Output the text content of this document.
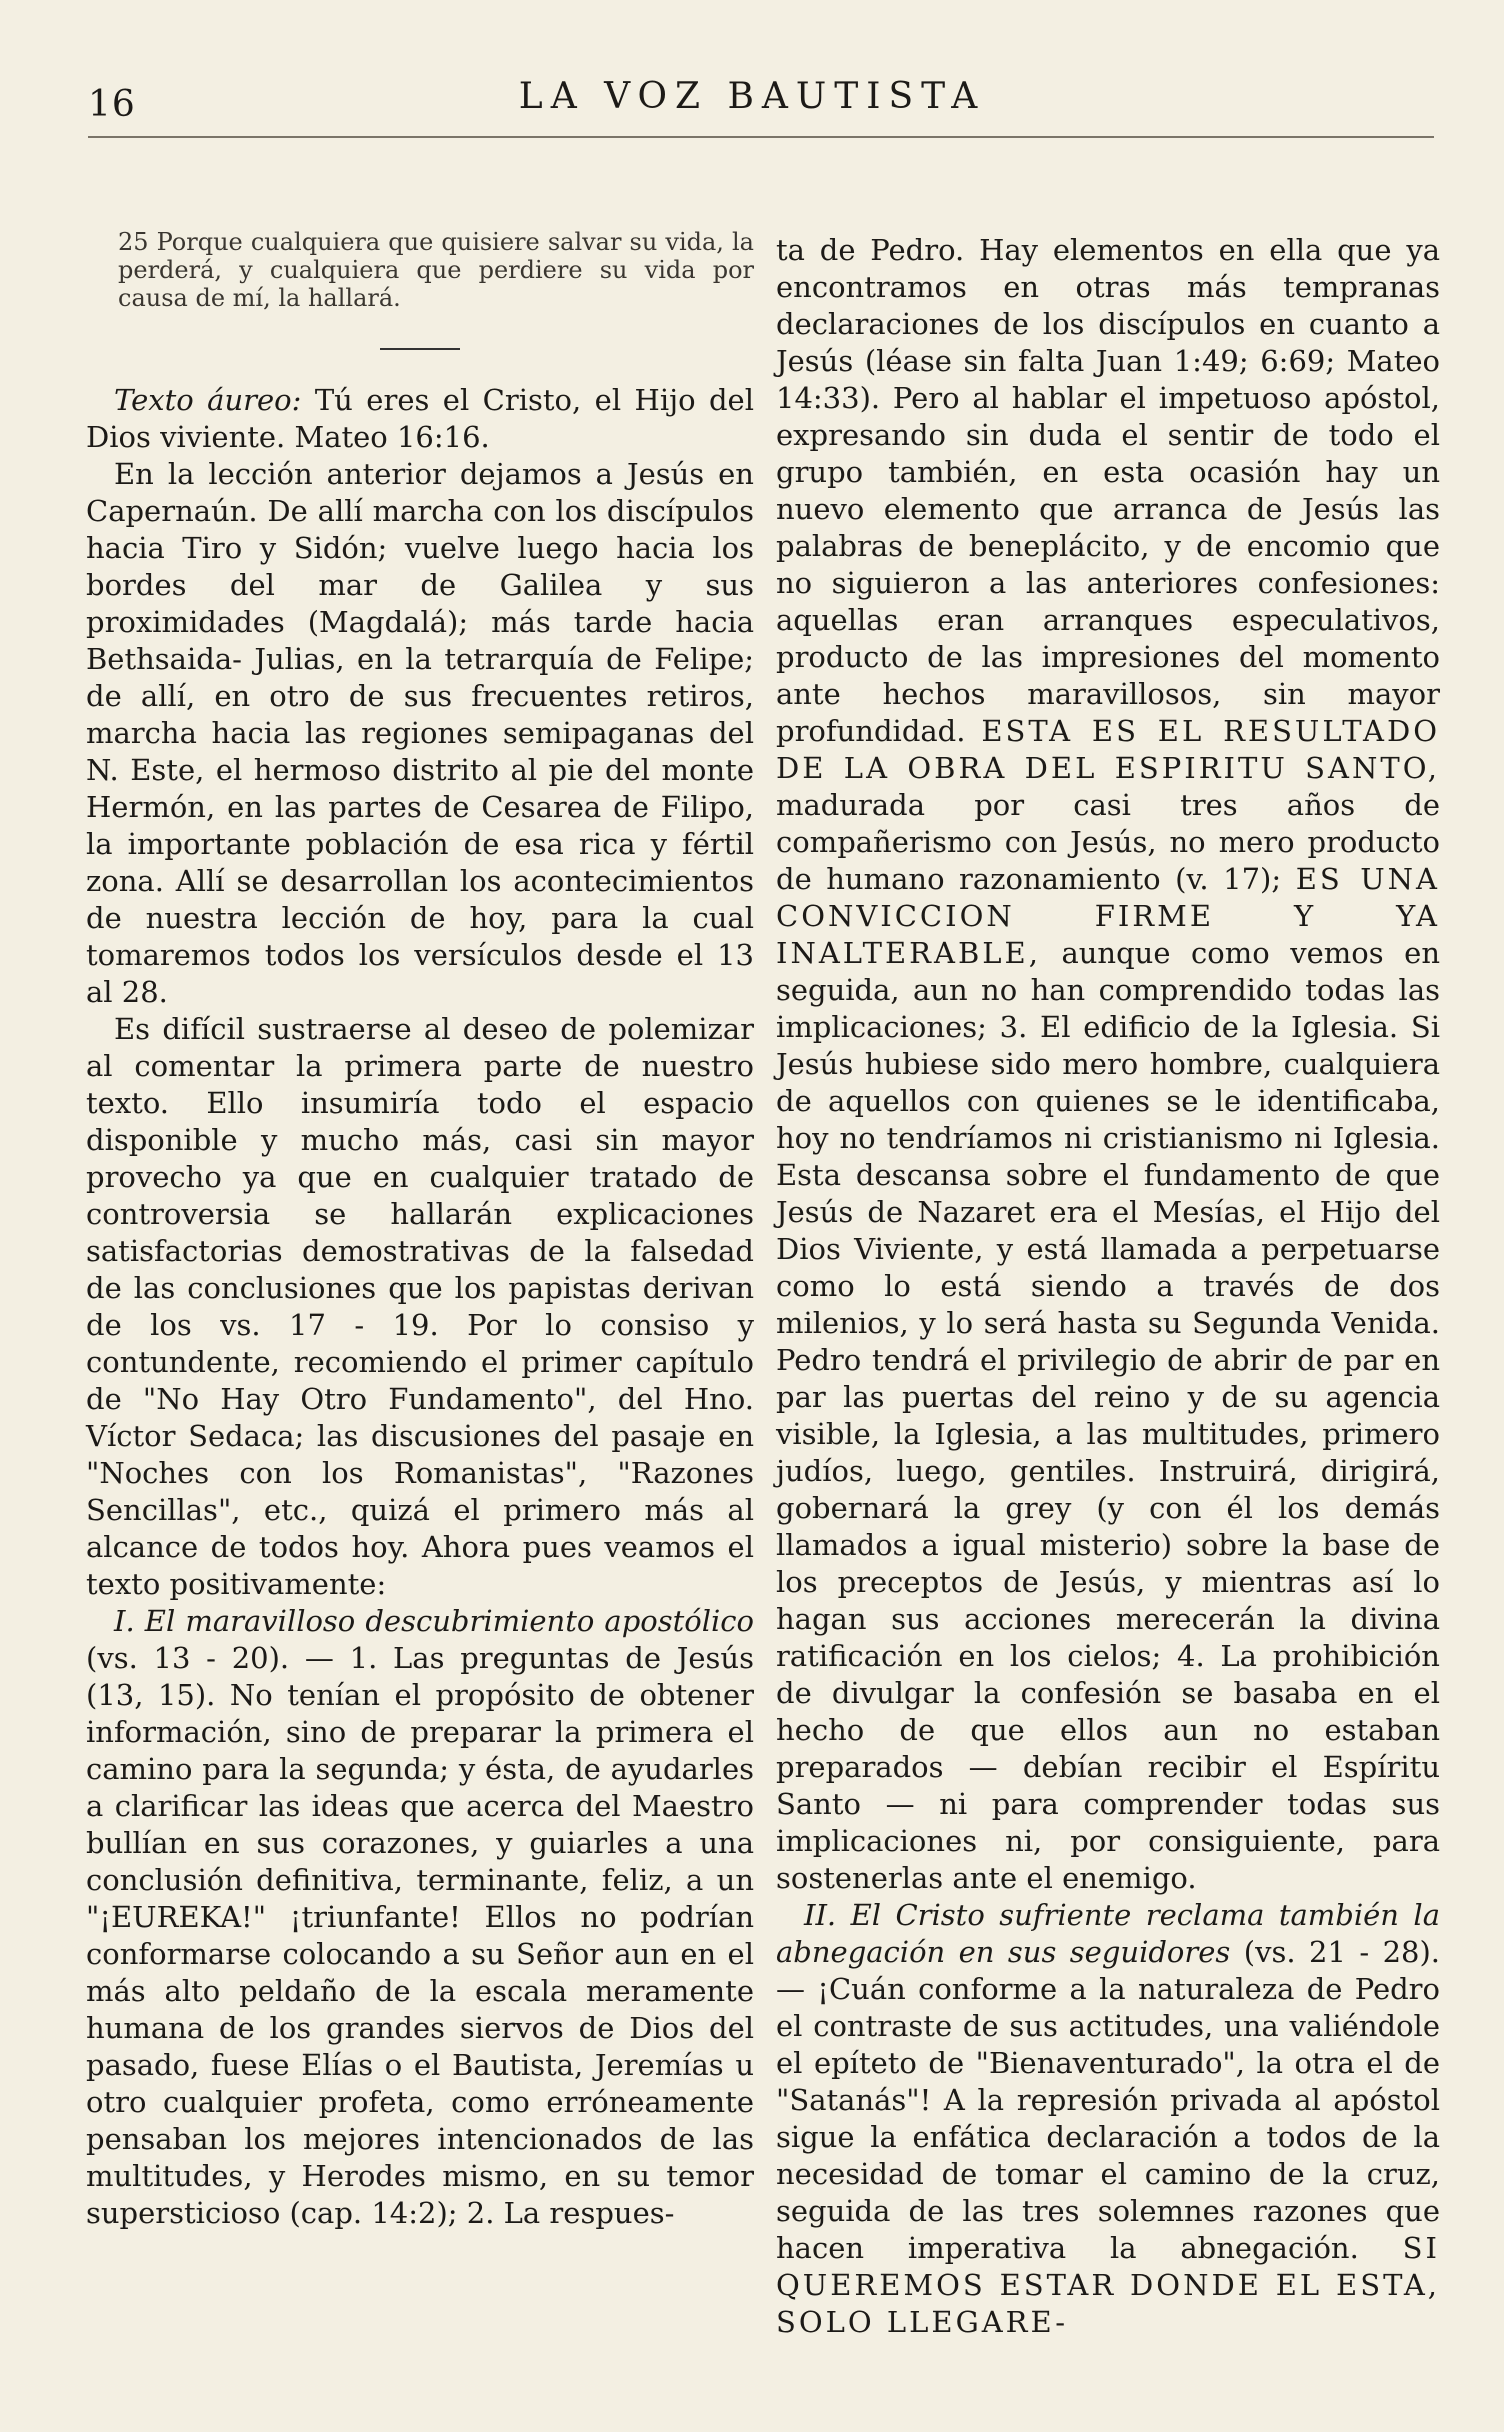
16	LA VOZ BAUTISTA

25 Porque cualquiera que quisiere salvar su vida, la perderá, y cualquiera que perdiere su vida por causa de mí, la hallará.

Texto áureo: Tú eres el Cristo, el Hijo del Dios viviente. Mateo 16:16.

En la lección anterior dejamos a Jesús en Capernaún. De allí marcha con los discípulos hacia Tiro y Sidón; vuelve luego hacia los bordes del mar de Galilea y sus proximidades (Magdalá); más tarde hacia Bethsaida- Julias, en la tetrarquía de Felipe; de allí, en otro de sus frecuentes retiros, marcha hacia las regiones semipaganas del N. Este, el hermoso distrito al pie del monte Hermón, en las partes de Cesarea de Filipo, la importante población de esa rica y fértil zona. Allí se desarrollan los acontecimientos de nuestra lección de hoy, para la cual tomaremos todos los versículos desde el 13 al 28.

Es difícil sustraerse al deseo de polemizar al comentar la primera parte de nuestro texto. Ello insumiría todo el espacio disponible y mucho más, casi sin mayor provecho ya que en cualquier tratado de controversia se hallarán explicaciones satisfactorias demostrativas de la falsedad de las conclusiones que los papistas derivan de los vs. 17 - 19. Por lo consiso y contundente, recomiendo el primer capítulo de "No Hay Otro Fundamento", del Hno. Víctor Sedaca; las discusiones del pasaje en "Noches con los Romanistas", "Razones Sencillas", etc., quizá el primero más al alcance de todos hoy. Ahora pues veamos el texto positivamente:

I. El maravilloso descubrimiento apostólico (vs. 13 - 20). — 1. Las preguntas de Jesús (13, 15). No tenían el propósito de obtener información, sino de preparar la primera el camino para la segunda; y ésta, de ayudarles a clarificar las ideas que acerca del Maestro bullían en sus corazones, y guiarles a una conclusión definitiva, terminante, feliz, a un "¡EUREKA!" ¡triunfante! Ellos no podrían conformarse colocando a su Señor aun en el más alto peldaño de la escala meramente humana de los grandes siervos de Dios del pasado, fuese Elías o el Bautista, Jeremías u otro cualquier profeta, como erróneamente pensaban los mejores intencionados de las multitudes, y Herodes mismo, en su temor supersticioso (cap. 14:2); 2. La respues-

ta de Pedro. Hay elementos en ella que ya encontramos en otras más tempranas declaraciones de los discípulos en cuanto a Jesús (léase sin falta Juan 1:49; 6:69; Mateo 14:33). Pero al hablar el impetuoso apóstol, expresando sin duda el sentir de todo el grupo también, en esta ocasión hay un nuevo elemento que arranca de Jesús las palabras de beneplácito, y de encomio que no siguieron a las anteriores confesiones: aquellas eran arranques especulativos, producto de las impresiones del momento ante hechos maravillosos, sin mayor profundidad. ESTA ES EL RESULTADO DE LA OBRA DEL ESPIRITU SANTO, madurada por casi tres años de compañerismo con Jesús, no mero producto de humano razonamiento (v. 17); ES UNA CONVICCION FIRME Y YA INALTERABLE, aunque como vemos en seguida, aun no han comprendido todas las implicaciones; 3. El edificio de la Iglesia. Si Jesús hubiese sido mero hombre, cualquiera de aquellos con quienes se le identificaba, hoy no tendríamos ni cristianismo ni Iglesia. Esta descansa sobre el fundamento de que Jesús de Nazaret era el Mesías, el Hijo del Dios Viviente, y está llamada a perpetuarse como lo está siendo a través de dos milenios, y lo será hasta su Segunda Venida. Pedro tendrá el privilegio de abrir de par en par las puertas del reino y de su agencia visible, la Iglesia, a las multitudes, primero judíos, luego, gentiles. Instruirá, dirigirá, gobernará la grey (y con él los demás llamados a igual misterio) sobre la base de los preceptos de Jesús, y mientras así lo hagan sus acciones merecerán la divina ratificación en los cielos; 4. La prohibición de divulgar la confesión se basaba en el hecho de que ellos aun no estaban preparados — debían recibir el Espíritu Santo — ni para comprender todas sus implicaciones ni, por consiguiente, para sostenerlas ante el enemigo.

II. El Cristo sufriente reclama también la abnegación en sus seguidores (vs. 21 - 28). — ¡Cuán conforme a la naturaleza de Pedro el contraste de sus actitudes, una valiéndole el epíteto de "Bienaventurado", la otra el de "Satanás"! A la represión privada al apóstol sigue la enfática declaración a todos de la necesidad de tomar el camino de la cruz, seguida de las tres solemnes razones que hacen imperativa la abnegación. SI QUEREMOS ESTAR DONDE EL ESTA, SOLO LLEGARE-
